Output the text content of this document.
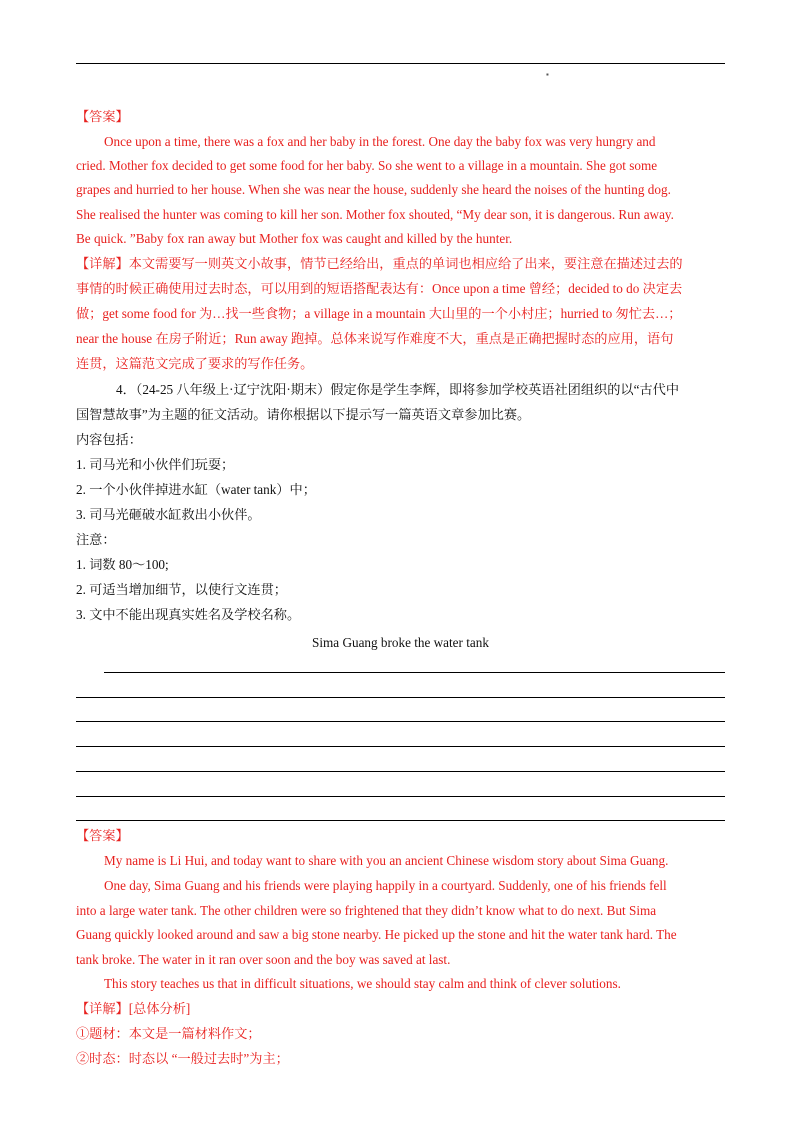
▪
【答案】
Once upon a time, there was a fox and her baby in the forest. One day the baby fox was very hungry and
cried. Mother fox decided to get some food for her baby. So she went to a village in a mountain. She got some
grapes and hurried to her house. When she was near the house, suddenly she heard the noises of the hunting dog.
She realised the hunter was coming to kill her son. Mother fox shouted, “My dear son, it is dangerous. Run away.
Be quick. ”Baby fox ran away but Mother fox was caught and killed by the hunter.
【详解】本文需要写一则英文小故事，情节已经给出，重点的单词也相应给了出来，要注意在描述过去的
事情的时候正确使用过去时态，可以用到的短语搭配表达有：Once upon a time 曾经；decided to do 决定去
做；get some food for 为…找一些食物；a village in a mountain 大山里的一个小村庄；hurried to 匆忙去…；
near the house 在房子附近；Run away 跑掉。总体来说写作难度不大，重点是正确把握时态的应用，语句
连贯，这篇范文完成了要求的写作任务。
4．（24-25 八年级上·辽宁沈阳·期末）假定你是学生李辉，即将参加学校英语社团组织的以“古代中
国智慧故事”为主题的征文活动。请你根据以下提示写一篇英语文章参加比赛。
内容包括：
1. 司马光和小伙伴们玩耍；
2. 一个小伙伴掉进水缸（water tank）中；
3. 司马光砸破水缸救出小伙伴。
注意：
1. 词数 80～100;
2. 可适当增加细节，以使行文连贯；
3. 文中不能出现真实姓名及学校名称。
Sima Guang broke the water tank
【答案】
My name is Li Hui, and today want to share with you an ancient Chinese wisdom story about Sima Guang.
One day, Sima Guang and his friends were playing happily in a courtyard. Suddenly, one of his friends fell
into a large water tank. The other children were so frightened that they didn’t know what to do next. But Sima
Guang quickly looked around and saw a big stone nearby. He picked up the stone and hit the water tank hard. The
tank broke. The water in it ran over soon and the boy was saved at last.
This story teaches us that in difficult situations, we should stay calm and think of clever solutions.
【详解】[总体分析]
①题材：本文是一篇材料作文；
②时态：时态以 “一般过去时”为主；
